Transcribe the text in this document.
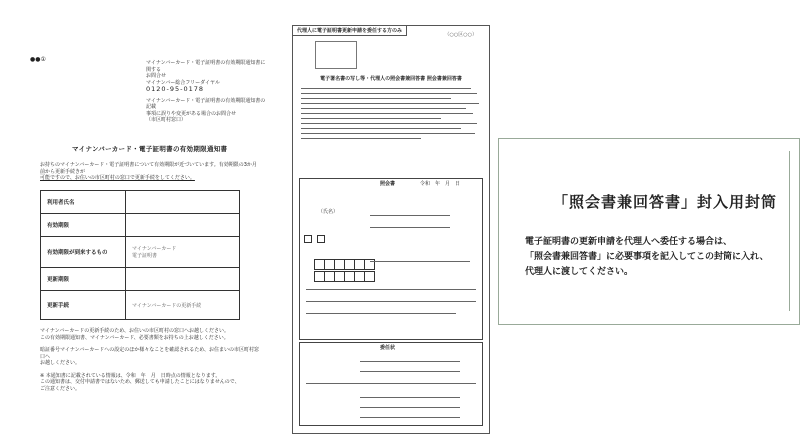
●●①	マイナンバーカード・電子証明書の有効期限通知書に関する

お問合せ

マイナンバー総合フリーダイヤル

0120-95-0178

マイナンバーカード・電子証明書の有効期限通知書の記載

事項に誤りや変更がある場合のお問合せ

（市区町村窓口）

マイナンバーカード・電子証明書の有効期限通知書
お持ちのマイナンバーカード・電子証明書について有効期限が近づいています。有効期限の3か月前から更新手続きが
可能ですので、お住いの市区町村の窓口で更新手続をしてください。
利用者氏名	
有効期限	
有効期限が到来するもの	マイナンバーカード
電子証明書
更新期限	
更新手続	マイナンバーカードの更新手続
マイナンバーカードの更新手続のため、お住いの市区町村の窓口へお越しください。
この有効期限通知書、マイナンバーカード、必要書類をお持ちの上お越しください。
暗証番号マイナンバーカードへの設定のほか様々なことを確認されるため、お住まいの市区町村窓口へ
お越しください。
※ 本通知書に記載されている情報は、令和　年　月　日時点の情報となります。
この通知書は、交付申請書ではないため、郵送しても申請したことにはなりませんので、
ご注意ください。
代理人に電子証明書更新申請を委任する方のみ
（○○区○○）
電子署名書の写し等・代理人の照会書兼回答書 照会書兼回答書
照会書	令和　年　月　日
（氏名）

委任状
「照会書兼回答書」封入用封筒
電子証明書の更新申請を代理人へ委任する場合は、
「照会書兼回答書」に必要事項を記入してこの封筒に入れ、
代理人に渡してください。
